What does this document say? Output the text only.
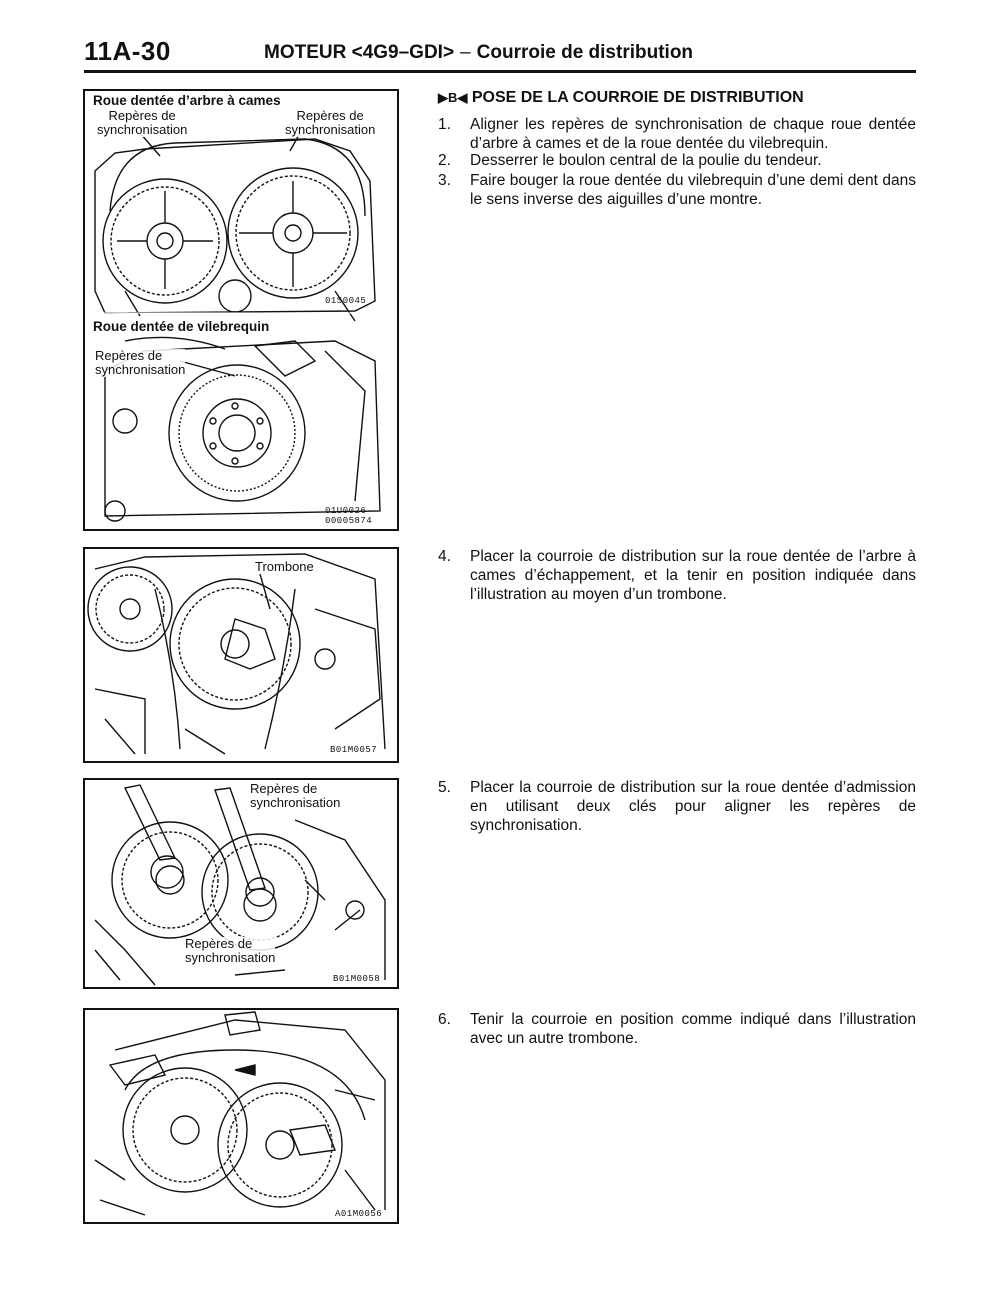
11A-30	MOTEUR <4G9–GDI> – Courroie de distribution
Roue dentée d’arbre à cames
Repères de
synchronisation
Repères de
synchronisation
01S0045
Roue dentée de vilebrequin
Repères de
synchronisation
01U0026
00005874
▶B◀ POSE DE LA COURROIE DE DISTRIBUTION
1.	Aligner les repères de synchronisation de chaque roue dentée d’arbre à cames et de la roue dentée du vilebrequin.
2.	Desserrer le boulon central de la poulie du tendeur.
3.	Faire bouger la roue dentée du vilebrequin d’une demi dent dans le sens inverse des aiguilles d’une montre.
Trombone
B01M0057
4.	Placer la courroie de distribution sur la roue dentée de l’arbre à cames d’échappement, et la tenir en position indiquée dans l’illustration au moyen d’un trombone.
Repères de
synchronisation
Repères de
synchronisation
B01M0058
5.	Placer la courroie de distribution sur la roue dentée d’admission en utilisant deux clés pour aligner les repères de synchronisation.
A01M0056
6.	Tenir la courroie en position comme indiqué dans l’illustration avec un autre trombone.
